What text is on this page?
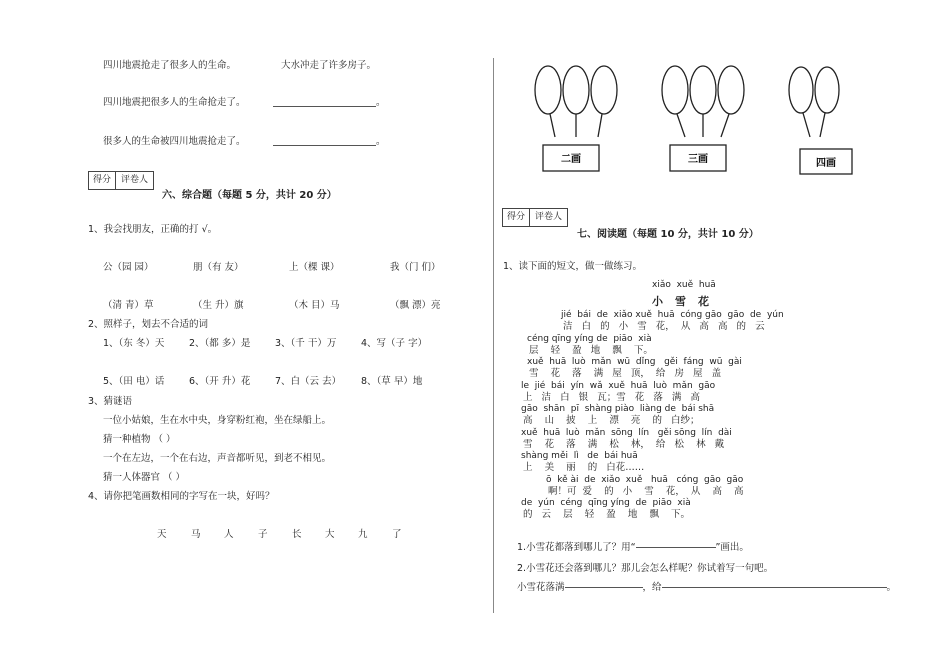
四川地震抢走了很多人的生命。	大水冲走了许多房子。
四川地震把很多人的生命抢走了。	。
很多人的生命被四川地震抢走了。	。
得分	评卷人
六、综合题（每题 5 分，共计 20 分）
1、我会找朋友，正确的打 √。
公（园 园）	朋（有 友）	上（棵 课）	我（门 们）
（清 青）草	（生 升）旗	（木 目）马	（飘 漂）亮
2、照样子，划去不合适的词
1、（东 冬）天	2、（都 多）是	3、（千 干）万	4、写（子 字）
5、（田 电）话	6、（开 升）花	7、白（云 去） 8、（草 早）地
3、猜谜语
一位小姑娘，生在水中央，身穿粉红袍，坐在绿船上。
猜一种植物 （ ）
一个在左边，一个在右边，声音都听见，到老不相见。
猜一人体器官 （ ）
4、请你把笔画数相同的字写在一块，好吗？
天	马 人	子	长 大 九	了
二画	三画	四画
得分	评卷人
七、阅读题（每题 10 分，共计 10 分）
1、读下面的短文，做一做练习。
xiǎo  xuě  huā
小雪花
jié  bái  de  xiǎo xuě  huā  cóng gāo  gāo  de  yún
洁   白   的   小   雪   花，  从   高   高   的   云
céng qīng yíng de  piāo  xià
层    轻    盈   地    飘    下。
xuě  huā  luò  mǎn  wū  dǐng   gěi  fáng  wū  gài
雪    花    落    满   屋   顶，  给   房   屋   盖
le  jié  bái  yín  wǎ  xuě  huā  luò  mǎn  gāo
上   洁   白   银   瓦；雪   花   落   满   高
gāo  shān  pī  shàng piào  liàng de  bái shā
高    山    披    上    漂    亮    的   白纱；
xuě  huā  luò  mǎn  sōng  lín   gěi sōng  lín  dài
雪    花    落    满    松    林，  给   松    林   戴
shàng měi  lì   de  bái huā
上    美    丽    的   白花……
ō  kě ài  de  xiǎo  xuě   huā   cóng  gāo  gāo
啊！可  爱    的   小    雪    花，  从    高    高
de  yún  céng  qīng yíng  de  piāo  xià
的   云    层    轻    盈    地    飘    下。
1.小雪花都落到哪儿了？用“	”画出。
2.小雪花还会落到哪儿？那儿会怎么样呢？你试着写一句吧。
小雪花落满	，给	。
